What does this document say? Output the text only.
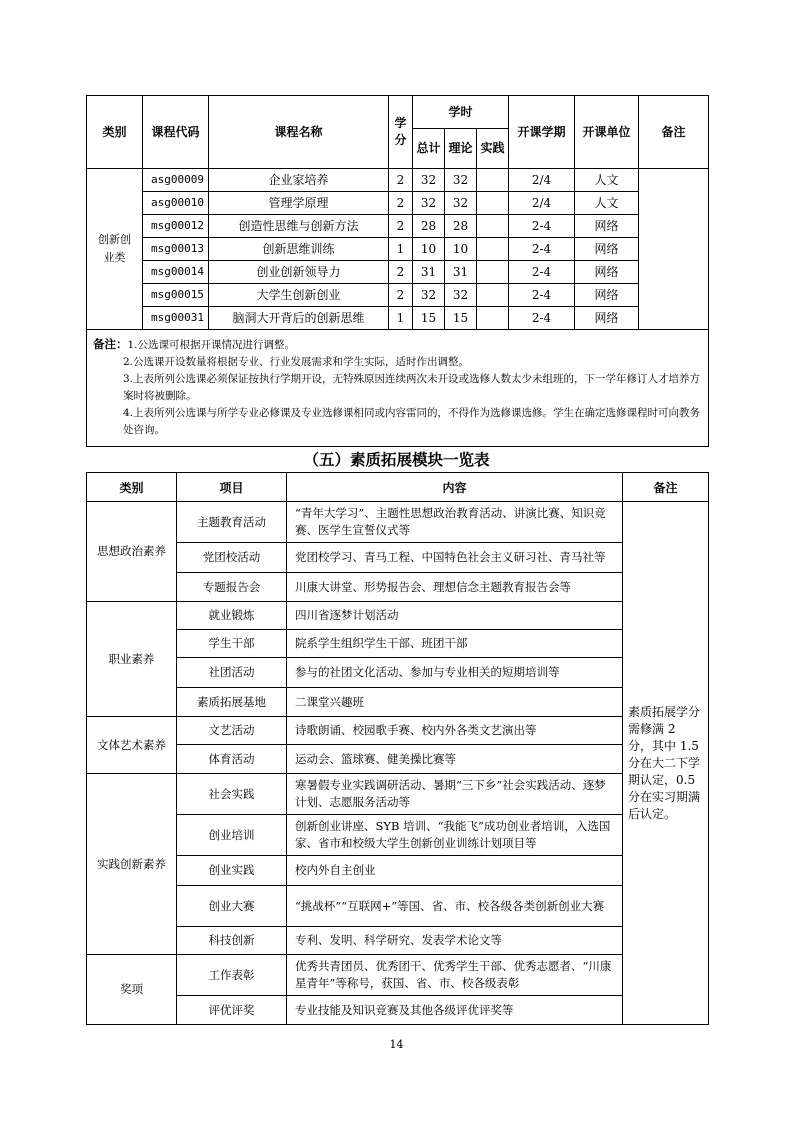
类别	课程代码	课程名称	学分	学时			开课学期	开课单位	备注
				总计	理论	实践			
创新创业类	asg00009	企业家培养	2	32	32		2/4	人文	
	asg00010	管理学原理	2	32	32		2/4	人文	
	msg00012	创造性思维与创新方法	2	28	28		2-4	网络	
	msg00013	创新思维训练	1	10	10		2-4	网络	
	msg00014	创业创新领导力	2	31	31		2-4	网络	
	msg00015	大学生创新创业	2	32	32		2-4	网络	
	msg00031	脑洞大开背后的创新思维	1	15	15		2-4	网络	
备注：1.公选课可根据开课情况进行调整。
2.公选课开设数量将根据专业、行业发展需求和学生实际，适时作出调整。
3.上表所列公选课必须保证按执行学期开设，无特殊原因连续两次未开设或选修人数太少未组班的，下一学年修订人才培养方案时将被删除。
4.上表所列公选课与所学专业必修课及专业选修课相同或内容雷同的，不得作为选修课选修。学生在确定选修课程时可向教务处咨询。									
（五）素质拓展模块一览表
类别	项目	内容	备注
思想政治素养	主题教育活动	“青年大学习”、主题性思想政治教育活动、讲演比赛、知识竞赛、医学生宣誓仪式等	素质拓展学分需修满 2 分，其中 1.5 分在大二下学期认定，0.5 分在实习期满后认定。
	党团校活动	党团校学习、青马工程、中国特色社会主义研习社、青马社等	
	专题报告会	川康大讲堂、形势报告会、理想信念主题教育报告会等	
职业素养	就业锻炼	四川省逐梦计划活动	
	学生干部	院系学生组织学生干部、班团干部	
	社团活动	参与的社团文化活动、参加与专业相关的短期培训等	
	素质拓展基地	二课堂兴趣班	
文体艺术素养	文艺活动	诗歌朗诵、校园歌手赛、校内外各类文艺演出等	
	体育活动	运动会、篮球赛、健美操比赛等	
实践创新素养	社会实践	寒暑假专业实践调研活动、暑期“三下乡”社会实践活动、逐梦计划、志愿服务活动等	
	创业培训	创新创业讲座、SYB 培训、“我能飞”成功创业者培训，入选国家、省市和校级大学生创新创业训练计划项目等	
	创业实践	校内外自主创业	
	创业大赛	“挑战杯”“互联网+”等国、省、市、校各级各类创新创业大赛	
	科技创新	专利、发明、科学研究、发表学术论文等	
奖项	工作表彰	优秀共青团员、优秀团干、优秀学生干部、优秀志愿者、“川康星青年”等称号，获国、省、市、校各级表彰	
	评优评奖	专业技能及知识竞赛及其他各级评优评奖等	
14
